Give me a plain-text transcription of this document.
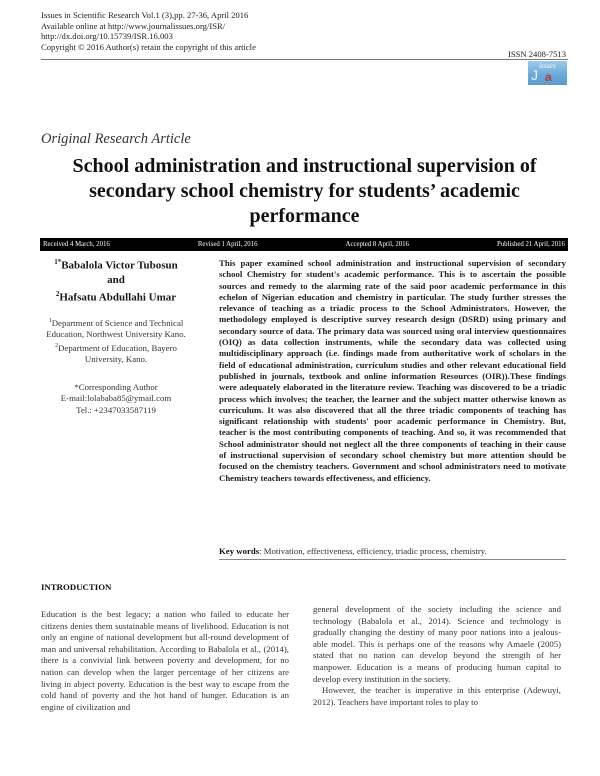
Issues in Scientific Research Vol.1 (3),pp. 27-36, April 2016
Available online at http://www.journalissues.org/ISR/
http://dx.doi.org/10.15739/ISR.16.003
Copyright © 2016 Author(s) retain the copyright of this article
ISSN 2408-7513
J
issues
a
Original Research Article
School administration and instructional supervision of secondary school chemistry for students’ academic performance
Received 4 March, 2016	Revised 1 April, 2016	Accepted 8 April, 2016	Published 21 April, 2016
$^{1*}$Babalola Victor Tubosun
and
$^2$Hafsatu Abdullahi Umar
$^1$Department of Science and Technical Education, Northwest University Kano.
$^2$Department of Education, Bayero University, Kano.
*Corresponding Author
E-mail:lolababa85@ymail.com
Tel.: +2347033587119
This paper examined school administration and instructional supervision of secondary school Chemistry for student's academic performance. This is to ascertain the possible sources and remedy to the alarming rate of the said poor academic performance in this echelon of Nigerian education and chemistry in particular. The study further stresses the relevance of teaching as a triadic process to the School Administrators. However, the methodology employed is descriptive survey research design (DSRD) using primary and secondary source of data. The primary data was sourced using oral interview questionnaires (OIQ) as data collection instruments, while the secondary data was collected using multidisciplinary approach (i.e. findings made from authoritative work of scholars in the field of educational administration, curriculum studies and other relevant educational field published in journals, textbook and online information Resources (OIR)).These findings were adequately elaborated in the literature review. Teaching was discovered to be a triadic process which involves; the teacher, the learner and the subject matter otherwise known as curriculum. It was also discovered that all the three triadic components of teaching has significant relationship with students' poor academic performance in Chemistry. But, teacher is the most contributing components of teaching. And so, it was recommended that School administrator should not neglect all the three components of teaching in their cause of instructional supervision of secondary school chemistry but more attention should be focused on the chemistry teachers. Government and school administrators need to motivate Chemistry teachers towards effectiveness, and efficiency.
Key words: Motivation, effectiveness, efficiency, triadic process, chemistry.
INTRODUCTION

Education is the best legacy; a nation who failed to educate her citizens denies them sustainable means of livelihood. Education is not only an engine of national development but all-round development of man and universal rehabilitation. According to Babalola et al., (2014), there is a convivial link between poverty and development, for no nation can develop when the larger percentage of her citizens are living in abject poverty. Education is the best way to escape from the cold hand of poverty and the hot hand of hunger. Education is an engine of civilization and

general development of the society including the science and technology (Babalola et al., 2014). Science and technology is gradually changing the destiny of many poor nations into a jealous-able model. This is perhaps one of the reasons why Amaele (2005) stated that no nation can develop beyond the strength of her manpower. Education is a means of producing human capital to develop every institution in the society.

However, the teacher is imperative in this enterprise (Adewuyi, 2012). Teachers have important roles to play to
